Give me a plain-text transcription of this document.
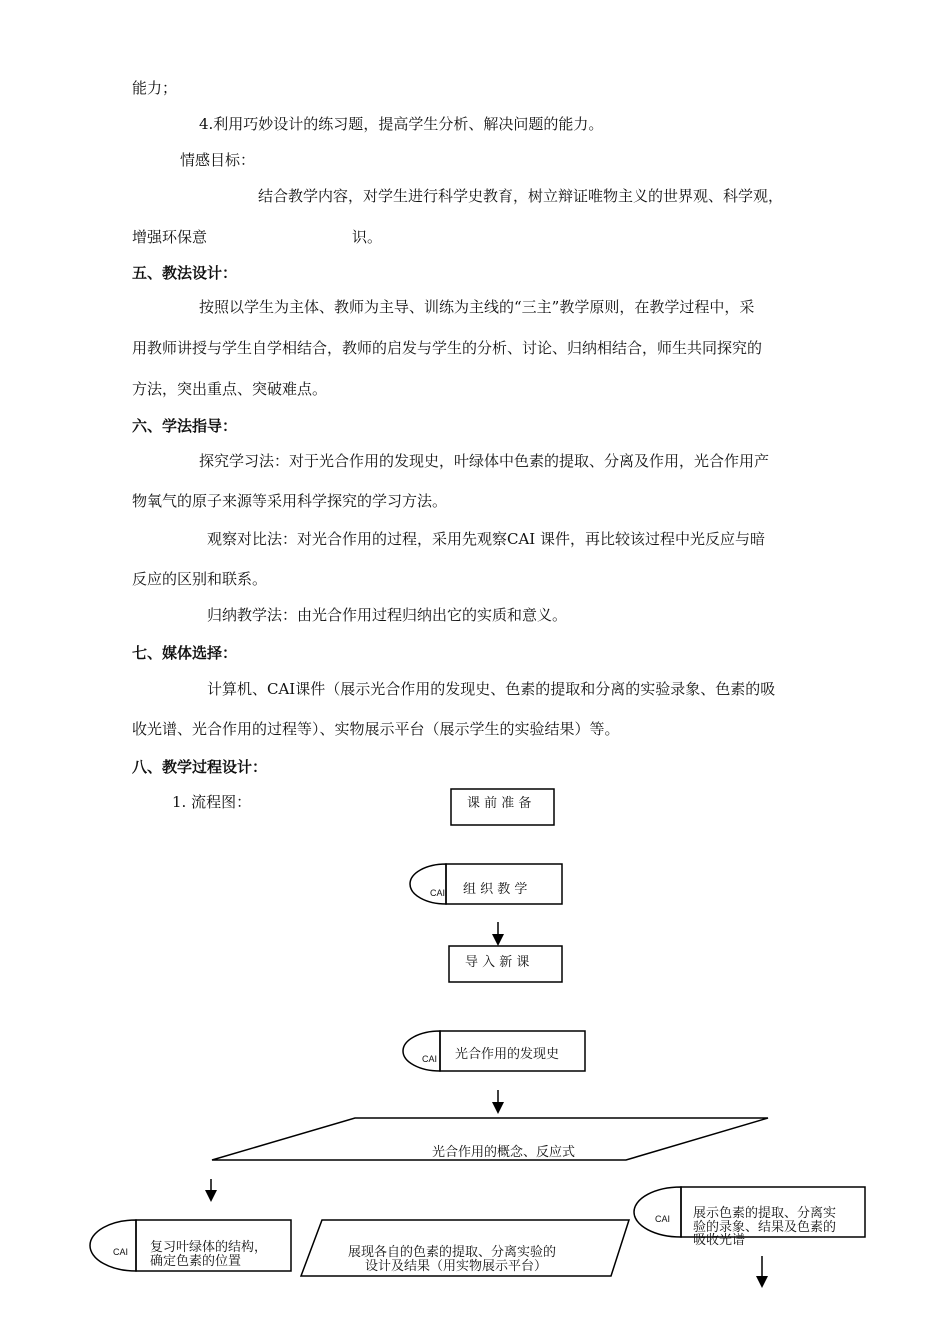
能力；
4.利用巧妙设计的练习题，提高学生分析、解决问题的能力。
情感目标：
结合教学内容，对学生进行科学史教育，树立辩证唯物主义的世界观、科学观，
增强环保意	识。
五、教法设计：
按照以学生为主体、教师为主导、训练为主线的“三主”教学原则，在教学过程中，采
用教师讲授与学生自学相结合，教师的启发与学生的分析、讨论、归纳相结合，师生共同探究的
方法，突出重点、突破难点。
六、学法指导：
探究学习法：对于光合作用的发现史，叶绿体中色素的提取、分离及作用，光合作用产
物氧气的原子来源等采用科学探究的学习方法。
观察对比法：对光合作用的过程，采用先观察CAI 课件，再比较该过程中光反应与暗
反应的区别和联系。
归纳教学法：由光合作用过程归纳出它的实质和意义。
七、媒体选择：
计算机、CAI课件（展示光合作用的发现史、色素的提取和分离的实验录象、色素的吸
收光谱、光合作用的过程等）、实物展示平台（展示学生的实验结果）等。
八、教学过程设计：
1. 流程图：	课 前 准 备
CAI 组 织 教 学
导 入 新 课
CAI 光合作用的发现史
光合作用的概念、反应式
CAI 复习叶绿体的结构，
确定色素的位置
展现各自的色素的提取、分离实验的
设计及结果（用实物展示平台）
CAI 展示色素的提取、分离实
验的录象、结果及色素的
吸收光谱
